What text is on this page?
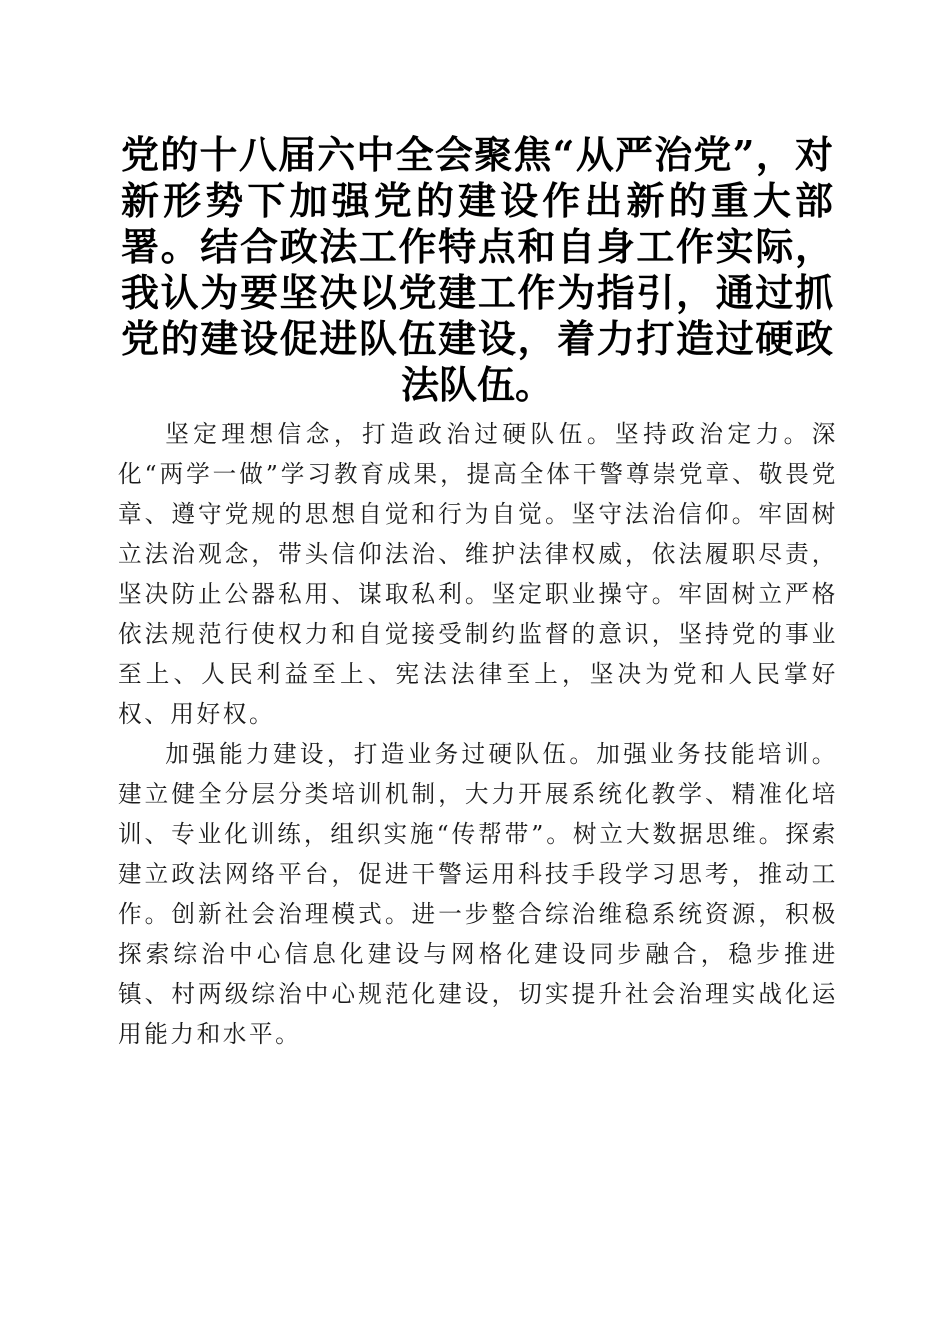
党的十八届六中全会聚焦“从严治党”，对新形势下加强党的建设作出新的重大部署。结合政法工作特点和自身工作实际，我认为要坚决以党建工作为指引，通过抓党的建设促进队伍建设，着力打造过硬政法队伍。

坚定理想信念，打造政治过硬队伍。坚持政治定力。深化“两学一做”学习教育成果，提高全体干警尊崇党章、敬畏党章、遵守党规的思想自觉和行为自觉。坚守法治信仰。牢固树立法治观念，带头信仰法治、维护法律权威，依法履职尽责，坚决防止公器私用、谋取私利。坚定职业操守。牢固树立严格依法规范行使权力和自觉接受制约监督的意识，坚持党的事业至上、人民利益至上、宪法法律至上，坚决为党和人民掌好权、用好权。

加强能力建设，打造业务过硬队伍。加强业务技能培训。建立健全分层分类培训机制，大力开展系统化教学、精准化培训、专业化训练，组织实施“传帮带”。树立大数据思维。探索建立政法网络平台，促进干警运用科技手段学习思考，推动工作。创新社会治理模式。进一步整合综治维稳系统资源，积极探索综治中心信息化建设与网格化建设同步融合，稳步推进镇、村两级综治中心规范化建设，切实提升社会治理实战化运用能力和水平。
